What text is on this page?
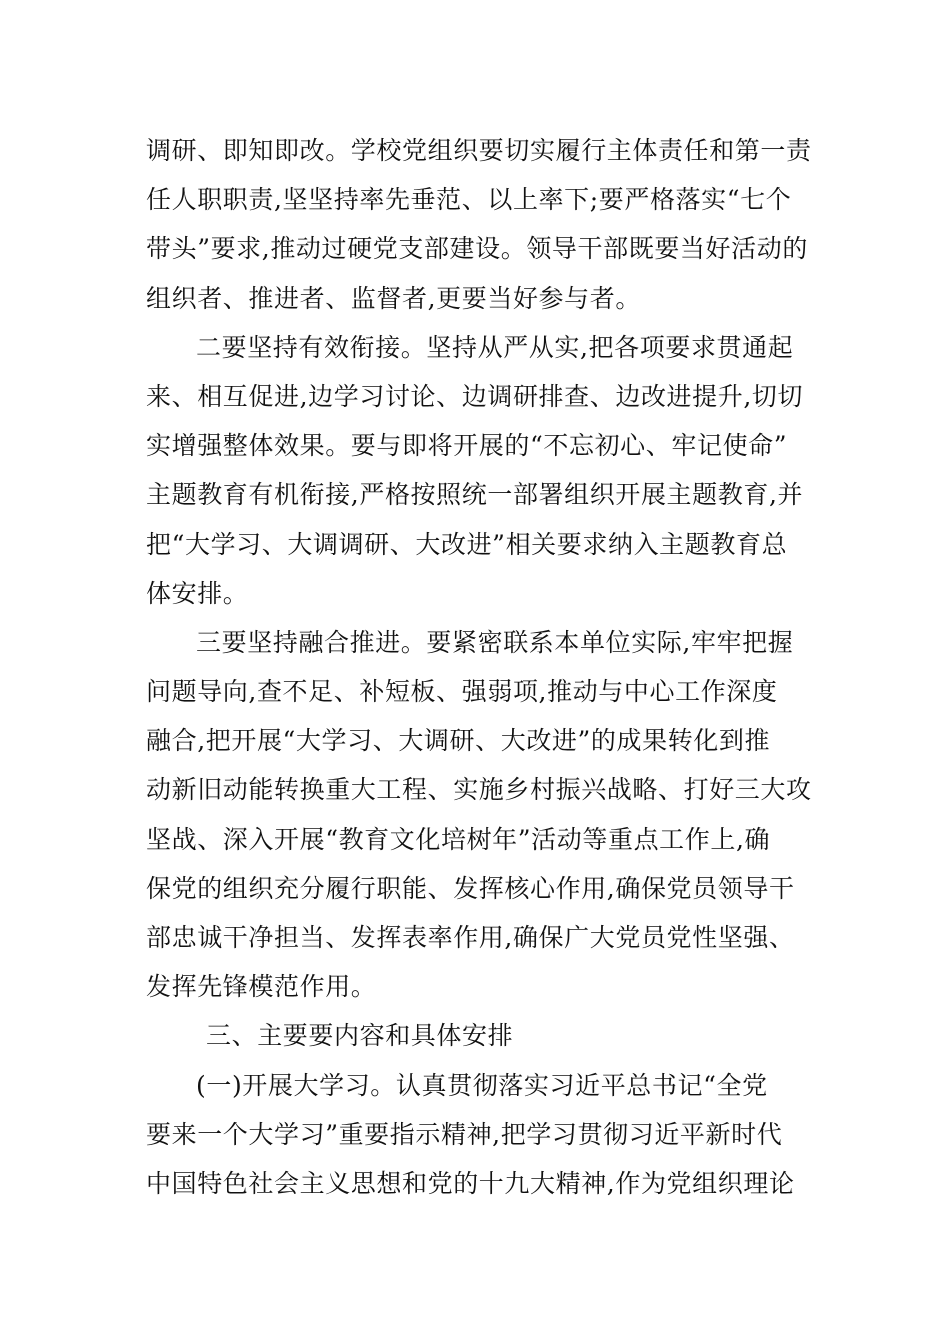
调研、即知即改。学校党组织要切实履行主体责任和第一责
任人职职责,坚坚持率先垂范、以上率下;要严格落实“七个
带头”要求,推动过硬党支部建设。领导干部既要当好活动的
组织者、推进者、监督者,更要当好参与者。
二要坚持有效衔接。坚持从严从实,把各项要求贯通起
来、相互促进,边学习讨论、边调研排查、边改进提升,切切
实增强整体效果。要与即将开展的“不忘初心、牢记使命”
主题教育有机衔接,严格按照统一部署组织开展主题教育,并
把“大学习、大调调研、大改进”相关要求纳入主题教育总
体安排。
三要坚持融合推进。要紧密联系本单位实际,牢牢把握
问题导向,查不足、补短板、强弱项,推动与中心工作深度
融合,把开展“大学习、大调研、大改进”的成果转化到推
动新旧动能转换重大工程、实施乡村振兴战略、打好三大攻
坚战、深入开展“教育文化培树年”活动等重点工作上,确
保党的组织充分履行职能、发挥核心作用,确保党员领导干
部忠诚干净担当、发挥表率作用,确保广大党员党性坚强、
发挥先锋模范作用。
三、主要要内容和具体安排
(一)开展大学习。认真贯彻落实习近平总书记“全党
要来一个大学习”重要指示精神,把学习贯彻习近平新时代
中国特色社会主义思想和党的十九大精神,作为党组织理论
